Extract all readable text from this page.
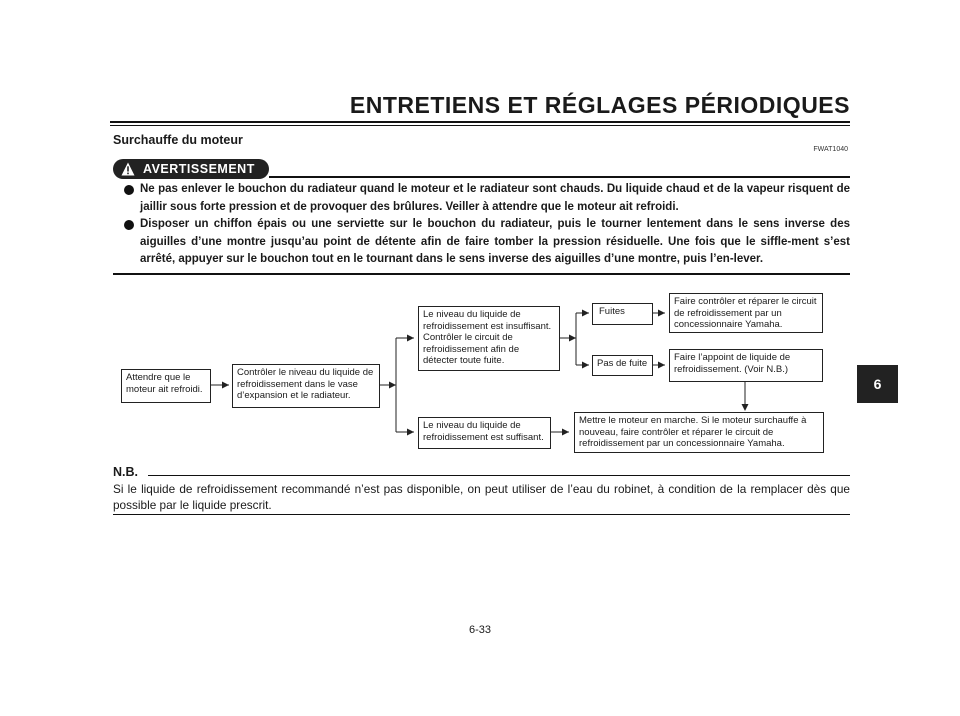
ENTRETIENS ET RÉGLAGES PÉRIODIQUES
Surchauffe du moteur
FWAT1040
AVERTISSEMENT
Ne pas enlever le bouchon du radiateur quand le moteur et le radiateur sont chauds. Du liquide chaud et de la vapeur risquent de jaillir sous forte pression et de provoquer des brûlures. Veiller à attendre que le moteur ait refroidi.
Disposer un chiffon épais ou une serviette sur le bouchon du radiateur, puis le tourner lentement dans le sens inverse des aiguilles d’une montre jusqu’au point de détente afin de faire tomber la pression résiduelle. Une fois que le siffle-ment s’est arrêté, appuyer sur le bouchon tout en le tournant dans le sens inverse des aiguilles d’une montre, puis l’en-lever.
Attendre que le moteur ait refroidi.
Contrôler le niveau du liquide de refroidissement dans le vase d’expansion et le radiateur.
Le niveau du liquide de refroidissement est insuffisant. Contrôler le circuit de refroidissement afin de détecter toute fuite.
Le niveau du liquide de refroidissement est suffisant.
Fuites
Pas de fuite
Faire contrôler et réparer le circuit de refroidissement par un concessionnaire Yamaha.
Faire l’appoint de liquide de refroidissement. (Voir N.B.)
Mettre le moteur en marche. Si le moteur surchauffe à nouveau, faire contrôler et réparer le circuit de refroidissement par un concessionnaire Yamaha.
N.B.
Si le liquide de refroidissement recommandé n’est pas disponible, on peut utiliser de l’eau du robinet, à condition de la remplacer dès que possible par le liquide prescrit.
6
6-33
